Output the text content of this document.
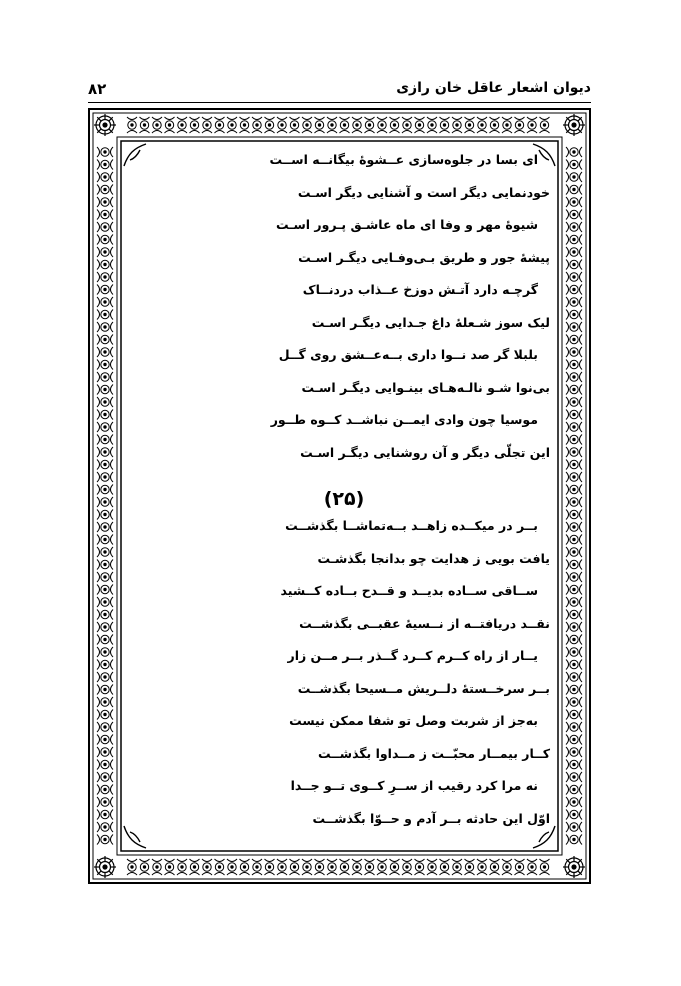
۸۲	دیوان اشعار عاقل خان رازی
ای بسا در جلوه‌سازی عــشوهٔ بیگانــه اســت
خودنمایی دیگر است و آشنایی دیگر اسـت
شیوهٔ مهر و وفا ای ماه عاشـق پـرور اسـت
پیشهٔ جور و طریق بـی‌وفـایی دیگـر اسـت
گرچـه دارد آتـش دوزخ عــذاب دردنــاک
لیک سوز شـعلهٔ داغ جـدایی دیگـر اسـت
بلبلا گر صد نــوا داری بــه‌عــشق روی گــل
بی‌نوا شـو نالـه‌هـای بینـوایی دیگـر اسـت
موسیا چون وادی ایمــن نباشــد کــوه طــور
این تجلّی دیگر و آن روشنایی دیگـر اسـت
(۲۵)
بــر در میکــده زاهــد بــه‌تماشــا بگذشــت
یافت بویی ز هدایت چو بدانجا بگذشـت
ســاقی ســاده بدیــد و قــدح بــاده کــشید
نقــد دریافتــه از نــسیهٔ عقبــی بگذشــت
یــار از راه کــرم کــرد گــذر بــر مــن زار
بــر سرخــستهٔ دلــریش مــسیحا بگذشــت
به‌جز از شربت وصل تو شفا ممکن نیست
کــار بیمــار محبّــت ز مــداوا بگذشــت
نه مرا کرد رقیب از ســرِ کــوی تــو جــدا
اوّل این حادثه بــر آدم و حــوّا بگذشــت
